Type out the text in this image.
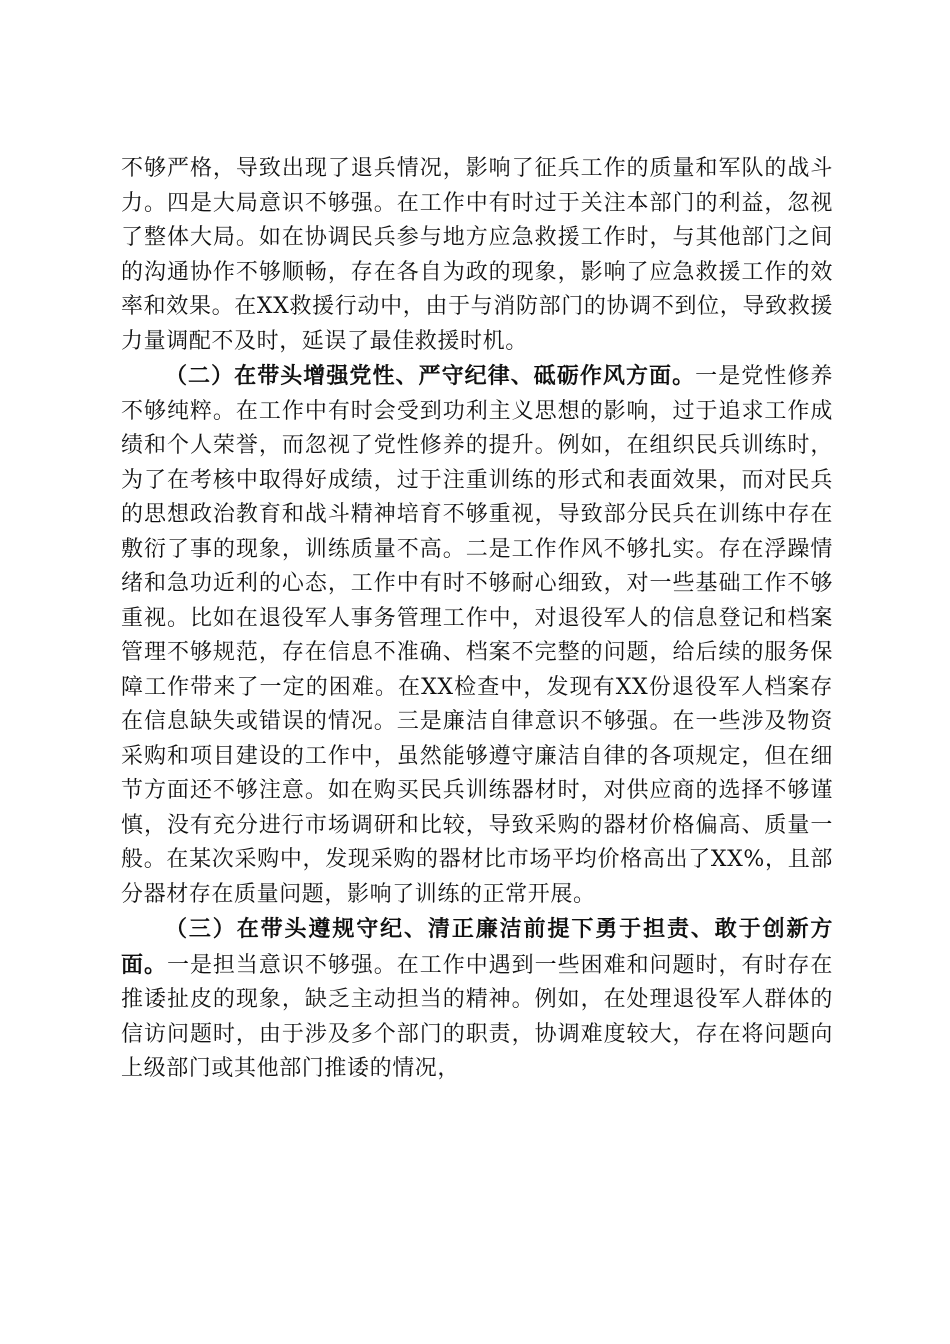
不够严格，导致出现了退兵情况，影响了征兵工作的质量和军队的战斗力。四是大局意识不够强。在工作中有时过于关注本部门的利益，忽视了整体大局。如在协调民兵参与地方应急救援工作时，与其他部门之间的沟通协作不够顺畅，存在各自为政的现象，影响了应急救援工作的效率和效果。在XX救援行动中，由于与消防部门的协调不到位，导致救援力量调配不及时，延误了最佳救援时机。

（二）在带头增强党性、严守纪律、砥砺作风方面。一是党性修养不够纯粹。在工作中有时会受到功利主义思想的影响，过于追求工作成绩和个人荣誉，而忽视了党性修养的提升。例如，在组织民兵训练时，为了在考核中取得好成绩，过于注重训练的形式和表面效果，而对民兵的思想政治教育和战斗精神培育不够重视，导致部分民兵在训练中存在敷衍了事的现象，训练质量不高。二是工作作风不够扎实。存在浮躁情绪和急功近利的心态，工作中有时不够耐心细致，对一些基础工作不够重视。比如在退役军人事务管理工作中，对退役军人的信息登记和档案管理不够规范，存在信息不准确、档案不完整的问题，给后续的服务保障工作带来了一定的困难。在XX检查中，发现有XX份退役军人档案存在信息缺失或错误的情况。三是廉洁自律意识不够强。在一些涉及物资采购和项目建设的工作中，虽然能够遵守廉洁自律的各项规定，但在细节方面还不够注意。如在购买民兵训练器材时，对供应商的选择不够谨慎，没有充分进行市场调研和比较，导致采购的器材价格偏高、质量一般。在某次采购中，发现采购的器材比市场平均价格高出了XX%，且部分器材存在质量问题，影响了训练的正常开展。

（三）在带头遵规守纪、清正廉洁前提下勇于担责、敢于创新方面。一是担当意识不够强。在工作中遇到一些困难和问题时，有时存在推诿扯皮的现象，缺乏主动担当的精神。例如，在处理退役军人群体的信访问题时，由于涉及多个部门的职责，协调难度较大，存在将问题向上级部门或其他部门推诿的情况，
